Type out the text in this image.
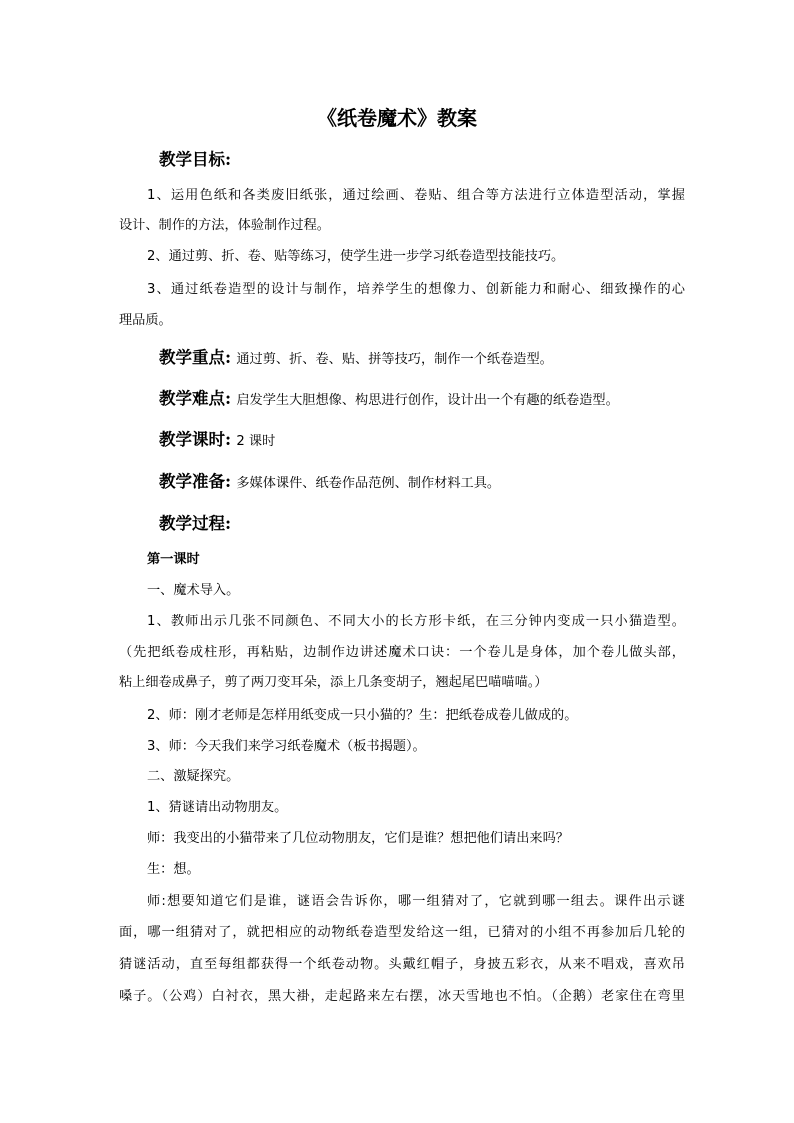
《纸卷魔术》教案
教学目标:
1、运用色纸和各类废旧纸张，通过绘画、卷贴、组合等方法进行立体造型活动，掌握
设计、制作的方法，体验制作过程。
2、通过剪、折、卷、贴等练习，使学生进一步学习纸卷造型技能技巧。
3、通过纸卷造型的设计与制作，培养学生的想像力、创新能力和耐心、细致操作的心
理品质。
教学重点: 通过剪、折、卷、贴、拼等技巧，制作一个纸卷造型。
教学难点: 启发学生大胆想像、构思进行创作，设计出一个有趣的纸卷造型。
教学课时: 2 课时
教学准备: 多媒体课件、纸卷作品范例、制作材料工具。
教学过程:
第一课时
一、魔术导入。
1、教师出示几张不同颜色、不同大小的长方形卡纸，在三分钟内变成一只小猫造型。
（先把纸卷成柱形，再粘贴，边制作边讲述魔术口诀：一个卷儿是身体，加个卷儿做头部，
粘上细卷成鼻子，剪了两刀变耳朵，添上几条变胡子，翘起尾巴喵喵喵。）
2、师：刚才老师是怎样用纸变成一只小猫的？生：把纸卷成卷儿做成的。
3、师：今天我们来学习纸卷魔术（板书揭题）。
二、激疑探究。
1、猜谜请出动物朋友。
师：我变出的小猫带来了几位动物朋友，它们是谁？想把他们请出来吗？
生：想。
师:想要知道它们是谁，谜语会告诉你，哪一组猜对了，它就到哪一组去。课件出示谜
面，哪一组猜对了，就把相应的动物纸卷造型发给这一组，已猜对的小组不再参加后几轮的
猜谜活动，直至每组都获得一个纸卷动物。头戴红帽子，身披五彩衣，从来不唱戏，喜欢吊
嗓子。（公鸡）白衬衣，黑大褂，走起路来左右摆，冰天雪地也不怕。（企鹅）老家住在弯里
